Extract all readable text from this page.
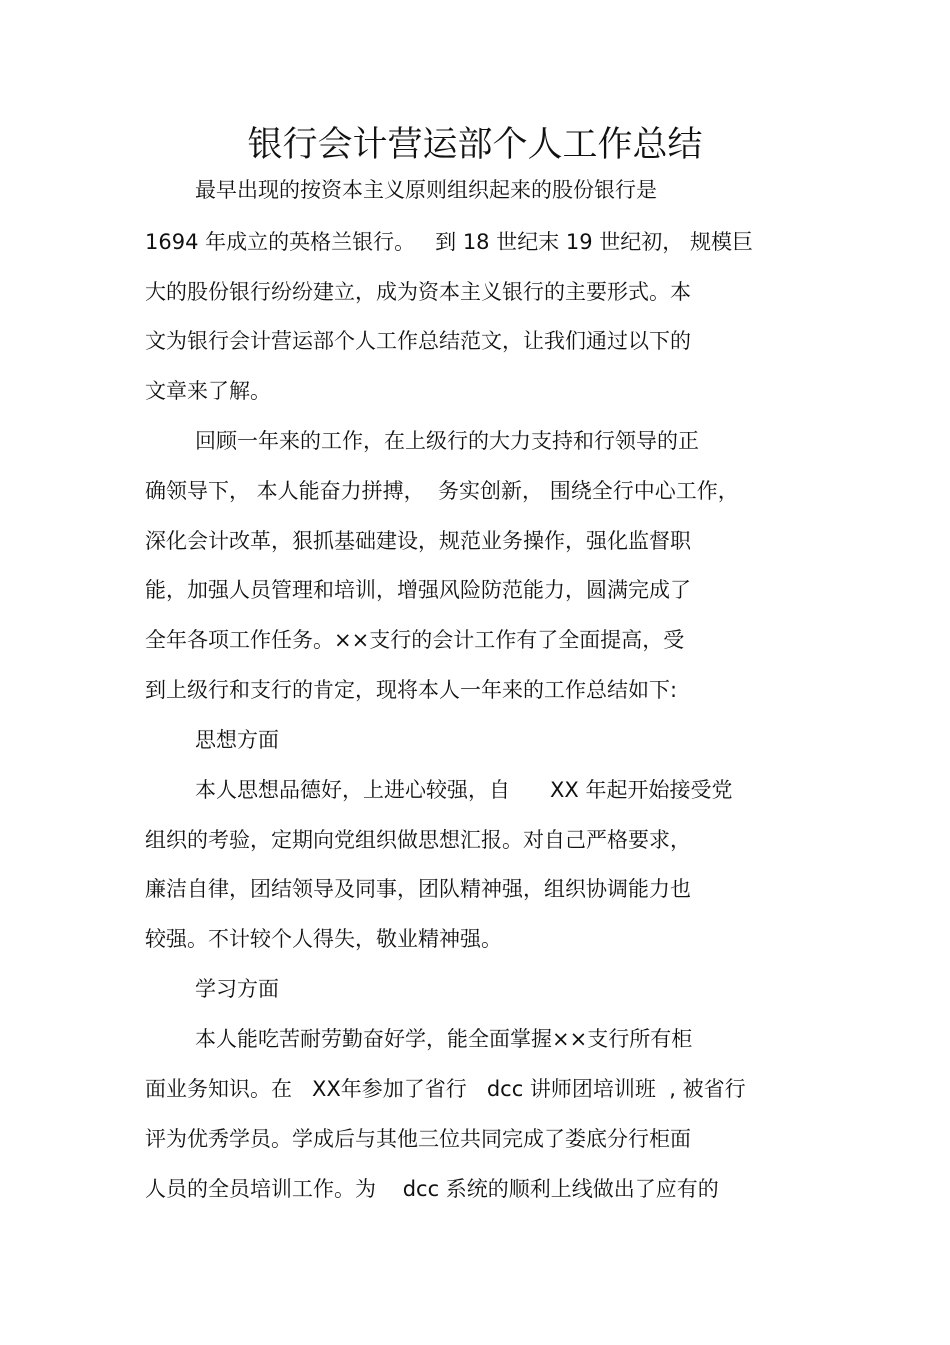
银行会计营运部个人工作总结
最早出现的按资本主义原则组织起来的股份银行是
1694 年成立的英格兰银行。   到 18 世纪末 19 世纪初， 规模巨
大的股份银行纷纷建立，成为资本主义银行的主要形式。本
文为银行会计营运部个人工作总结范文，让我们通过以下的
文章来了解。
回顾一年来的工作，在上级行的大力支持和行领导的正
确领导下， 本人能奋力拼搏，  务实创新， 围绕全行中心工作，
深化会计改革，狠抓基础建设，规范业务操作，强化监督职
能，加强人员管理和培训，增强风险防范能力，圆满完成了
全年各项工作任务。××支行的会计工作有了全面提高，受
到上级行和支行的肯定，现将本人一年来的工作总结如下:
思想方面
本人思想品德好，上进心较强，自      XX 年起开始接受党
组织的考验，定期向党组织做思想汇报。对自己严格要求，
廉洁自律，团结领导及同事，团队精神强，组织协调能力也
较强。不计较个人得失，敬业精神强。
学习方面
本人能吃苦耐劳勤奋好学，能全面掌握××支行所有柜
面业务知识。在   XX年参加了省行   dcc 讲师团培训班  , 被省行
评为优秀学员。学成后与其他三位共同完成了娄底分行柜面
人员的全员培训工作。为    dcc 系统的顺利上线做出了应有的
